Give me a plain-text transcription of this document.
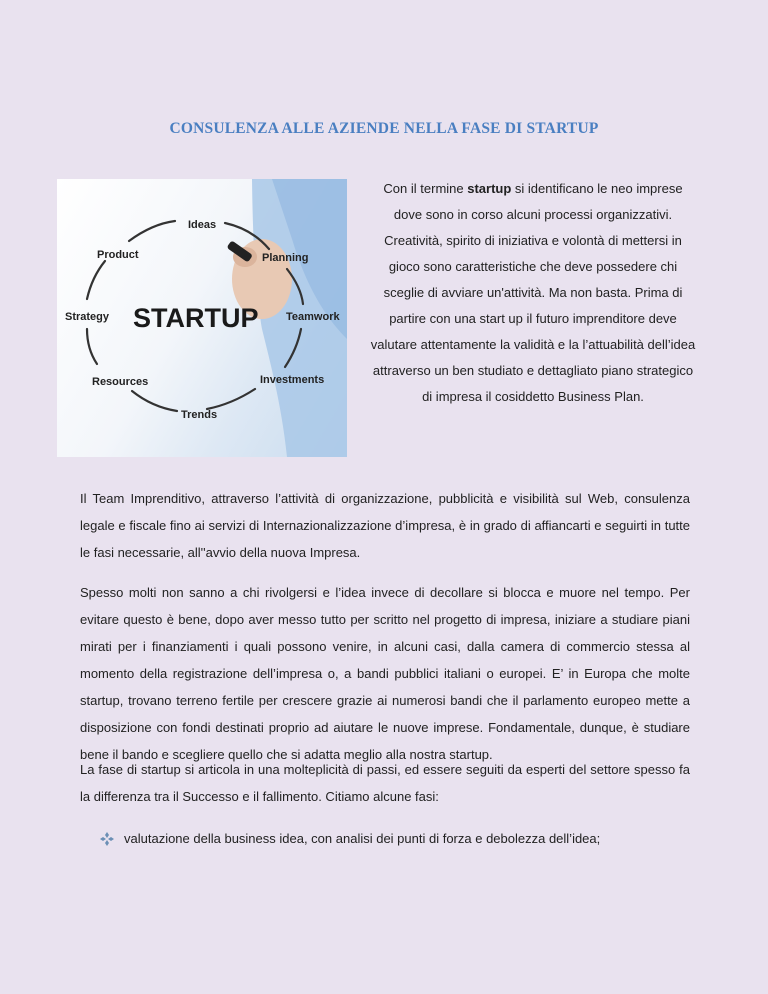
CONSULENZA ALLE AZIENDE NELLA FASE DI STARTUP
Ideas
Product	Planning
Strategy	Teamwork
Resources	Investments
Trends
STARTUP

Con il termine startup si identificano le neo imprese dove sono in corso alcuni processi organizzativi. Creatività, spirito di iniziativa e volontà di mettersi in gioco sono caratteristiche che deve possedere chi sceglie di avviare un'attività. Ma non basta. Prima di partire con una start up il futuro imprenditore deve valutare attentamente la validità e la l’attuabilità dell’idea attraverso un ben studiato e dettagliato piano strategico di impresa il cosiddetto Business Plan.

Il Team Imprenditivo, attraverso l’attività di organizzazione, pubblicità e visibilità sul Web, consulenza legale e fiscale fino ai servizi di Internazionalizzazione d’impresa, è in grado di affiancarti e seguirti in tutte le fasi necessarie, all''avvio della nuova Impresa.

Spesso molti non sanno a chi rivolgersi e l’idea invece di decollare si blocca e muore nel tempo. Per evitare questo è bene, dopo aver messo tutto per scritto nel progetto di impresa, iniziare a studiare piani mirati per i finanziamenti i quali possono venire, in alcuni casi, dalla camera di commercio stessa al momento della registrazione dell’impresa o, a bandi pubblici italiani o europei. E’ in Europa che molte startup, trovano terreno fertile per crescere grazie ai numerosi bandi che il parlamento europeo mette a disposizione con fondi destinati proprio ad aiutare le nuove imprese. Fondamentale, dunque, è studiare bene il bando e scegliere quello che si adatta meglio alla nostra startup.

La fase di startup si articola in una molteplicità di passi, ed essere seguiti da esperti del settore spesso fa la differenza tra il Successo e il fallimento. Citiamo alcune fasi:

valutazione della business idea, con analisi dei punti di forza e debolezza dell’idea;
